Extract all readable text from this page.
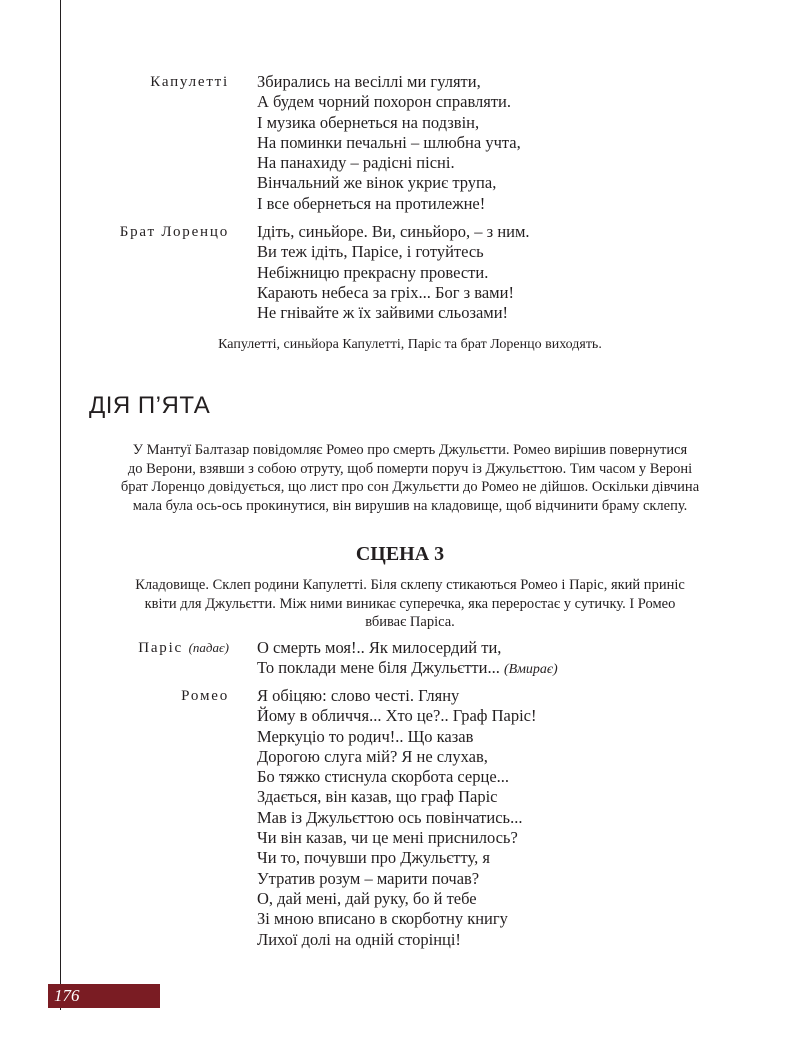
Капулетті	Збирались на весіллі ми гуляти,
А будем чорний похорон справляти.
І музика обернеться на подзвін,
На поминки печальні – шлюбна учта,
На панахиду – радісні пісні.
Вінчальний же вінок укриє трупа,
І все обернеться на протилежне!
Брат Лоренцо	Ідіть, синьйоре. Ви, синьйоро, – з ним.
Ви теж ідіть, Парісе, і готуйтесь
Небіжницю прекрасну провести.
Карають небеса за гріх... Бог з вами!
Не гнівайте ж їх зайвими сльозами!
Капулетті, синьйора Капулетті, Паріс та брат Лоренцо виходять.
ДІЯ П’ЯТА
У Мантуї Балтазар повідомляє Ромео про смерть Джульєтти. Ромео вирішив повернутися
до Верони, взявши з собою отруту, щоб померти поруч із Джульєттою. Тим часом у Вероні
брат Лоренцо довідується, що лист про сон Джульєтти до Ромео не дійшов. Оскільки дівчина
мала була ось-ось прокинутися, він вирушив на кладовище, щоб відчинити браму склепу.
СЦЕНА 3
Кладовище. Склеп родини Капулетті. Біля склепу стикаються Ромео і Паріс, який приніс
квіти для Джульєтти. Між ними виникає суперечка, яка переростає у сутичку. І Ромео
вбиває Паріса.
Паріс (падає)	О смерть моя!.. Як милосердий ти,
То поклади мене біля Джульєтти... (Вмирає)
Ромео	Я обіцяю: слово честі. Гляну
Йому в обличчя... Хто це?.. Граф Паріс!
Меркуціо то родич!.. Що казав
Дорогою слуга мій? Я не слухав,
Бо тяжко стиснула скорбота серце...
Здається, він казав, що граф Паріс
Мав із Джульєттою ось повінчатись...
Чи він казав, чи це мені приснилось?
Чи то, почувши про Джульєтту, я
Утратив розум – марити почав?
О, дай мені, дай руку, бо й тебе
Зі мною вписано в скорботну книгу
Лихої долі на одній сторінці!
176
